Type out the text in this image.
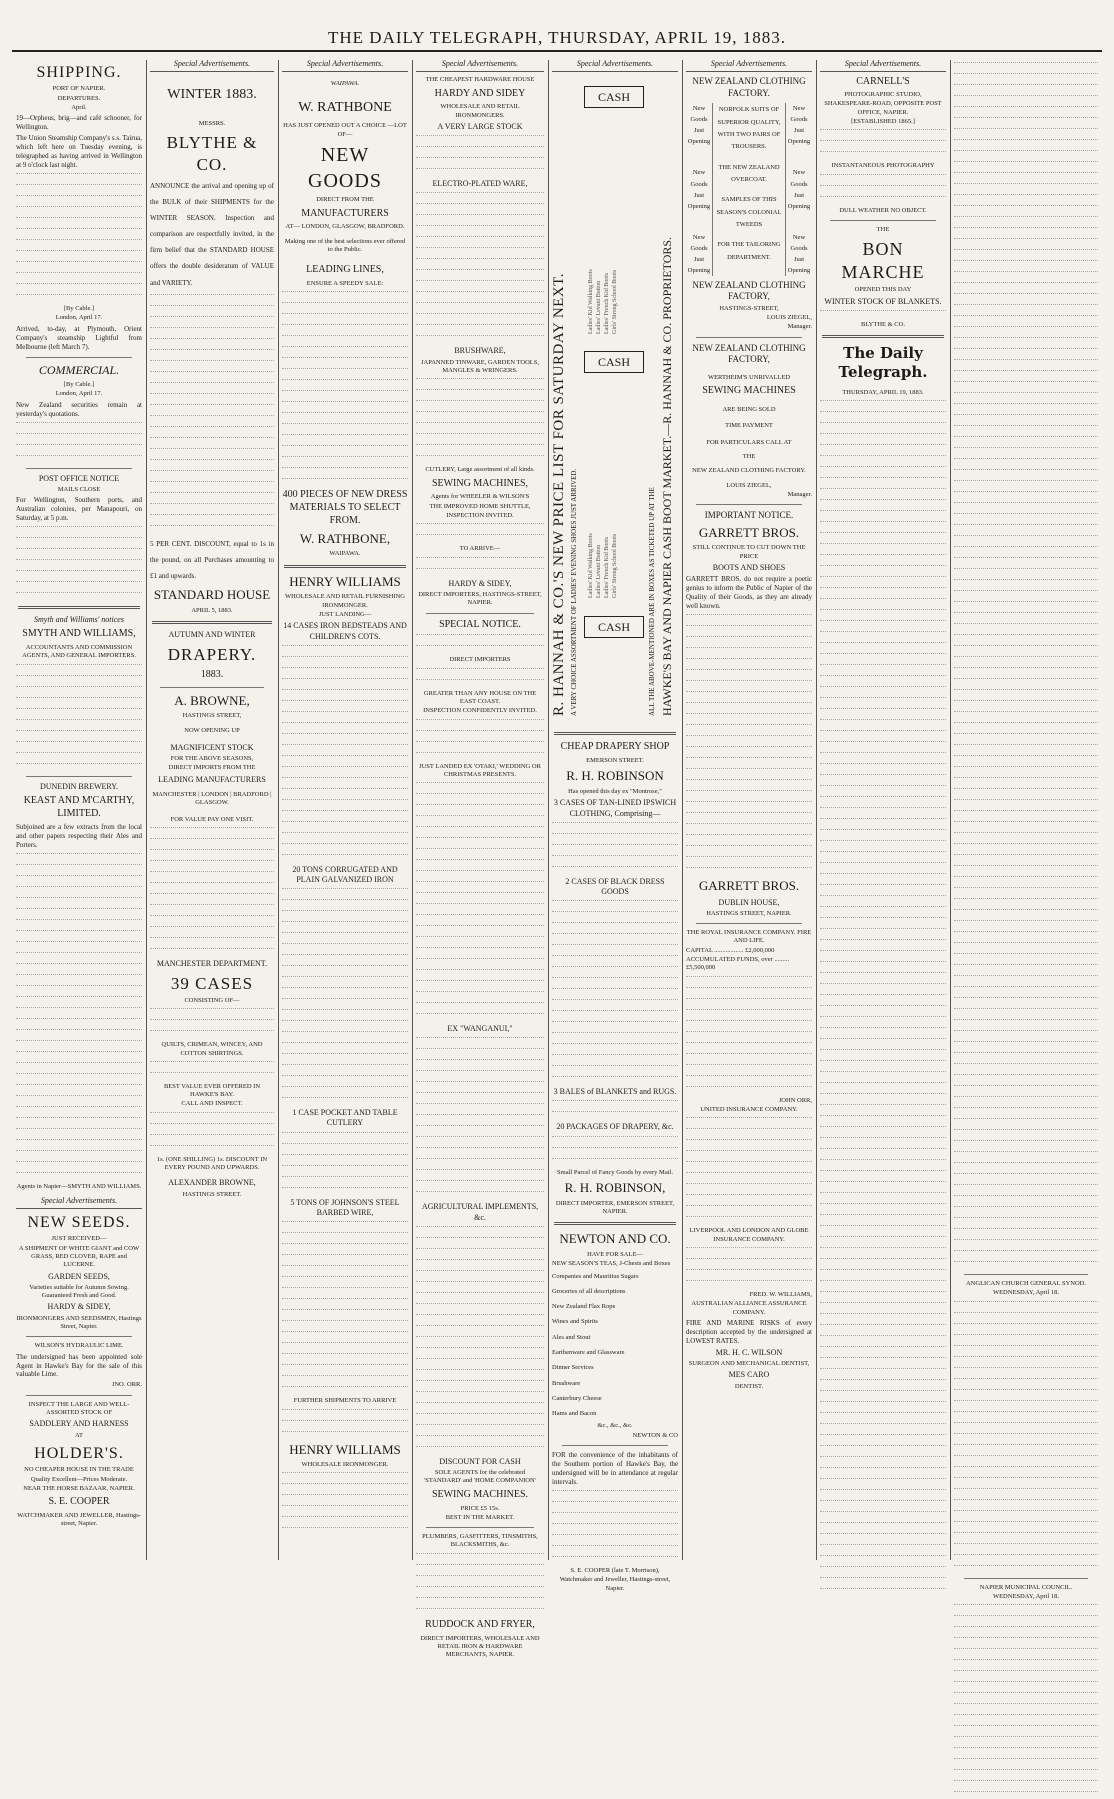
THE DAILY TELEGRAPH, THURSDAY, APRIL 19, 1883.
SHIPPING.
PORT OF NAPIER.
DEPARTURES.
April.
19—Orpheus, brig—and café schooner, for Wellington.
The Union Steamship Company's s.s. Tairua, which left here on Tuesday evening, is telegraphed as having arrived in Wellington at 9 o'clock last night.
[By Cable.]
London, April 17.
Arrived, to-day, at Plymouth, Orient Company's steamship Lightful from Melbourne (left March 7).
COMMERCIAL.
[By Cable.]
London, April 17.
New Zealand securities remain at yesterday's quotations.
POST OFFICE NOTICE
MAILS CLOSE
For Wellington, Southern ports, and Australian colonies, per Manapouri, on Saturday, at 5 p.m.
Smyth and Williams' notices
SMYTH AND WILLIAMS,
ACCOUNTANTS AND COMMISSION AGENTS, AND GENERAL IMPORTERS.
DUNEDIN BREWERY.
KEAST AND M'CARTHY, LIMITED.
Subjoined are a few extracts from the local and other papers respecting their Ales and Porters.
Agents in Napier—SMYTH AND WILLIAMS.
Special Advertisements.
NEW SEEDS.
JUST RECEIVED—
A SHIPMENT OF WHITE GIANT and COW GRASS, RED CLOVER, RAPE and LUCERNE.
GARDEN SEEDS,
Varieties suitable for Autumn Sowing. Guaranteed Fresh and Good.
HARDY & SIDEY,
IRONMONGERS AND SEEDSMEN, Hastings Street, Napier.
WILSON'S HYDRAULIC LIME.
The undersigned has been appointed sole Agent in Hawke's Bay for the sale of this valuable Lime.
JNO. ORR.
INSPECT THE LARGE AND WELL-ASSORTED STOCK OF
SADDLERY AND HARNESS
AT
HOLDER'S.
NO CHEAPER HOUSE IN THE TRADE
Quality Excellent—Prices Moderate.
NEAR THE HORSE BAZAAR, NAPIER.
S. E. COOPER
WATCHMAKER AND JEWELLER, Hastings-street, Napier.
Special Advertisements.
WINTER 1883.
MESSRS.
BLYTHE & CO.
ANNOUNCE the arrival and opening up of the BULK of their SHIPMENTS for the WINTER SEASON. Inspection and comparison are respectfully invited, in the firm belief that the STANDARD HOUSE offers the double desideratum of VALUE and VARIETY.
5 PER CENT. DISCOUNT, equal to 1s in the pound, on all Purchases amounting to £1 and upwards.
STANDARD HOUSE
APRIL 5, 1883.
AUTUMN AND WINTER
DRAPERY.
1883.
A. BROWNE,
HASTINGS STREET,
NOW OPENING UP
MAGNIFICENT STOCK
FOR THE ABOVE SEASONS,
DIRECT IMPORTS FROM THE
LEADING MANUFACTURERS
MANCHESTER | LONDON | BRADFORD | GLASGOW.
FOR VALUE PAY ONE VISIT.
MANCHESTER DEPARTMENT.
39 CASES
CONSISTING OF—
QUILTS, CRIMEAN, WINCEY, AND COTTON SHIRTINGS.
BEST VALUE EVER OFFERED IN HAWKE'S BAY.
CALL AND INSPECT.
1s. (ONE SHILLING) 1s. DISCOUNT IN EVERY POUND AND UPWARDS.
ALEXANDER BROWNE,
HASTINGS STREET.
Special Advertisements.
WAIPAWA.
W. RATHBONE
HAS JUST OPENED OUT A CHOICE —LOT OF—
NEW GOODS
DIRECT FROM THE
MANUFACTURERS
AT— LONDON, GLASGOW, BRADFORD.
Making one of the best selections ever offered to the Public.
LEADING LINES,
ENSURE A SPEEDY SALE:
400 PIECES OF NEW DRESS MATERIALS TO SELECT FROM.
W. RATHBONE,
WAIPAWA.
HENRY WILLIAMS
WHOLESALE AND RETAIL FURNISHING IRONMONGER.
JUST LANDING—
14 CASES IRON BEDSTEADS AND CHILDREN'S COTS.
20 TONS CORRUGATED AND PLAIN GALVANIZED IRON
1 CASE POCKET AND TABLE CUTLERY
5 TONS OF JOHNSON'S STEEL BARBED WIRE,
FURTHER SHIPMENTS TO ARRIVE
HENRY WILLIAMS
WHOLESALE IRONMONGER.
Special Advertisements.
THE CHEAPEST HARDWARE HOUSE
HARDY AND SIDEY
WHOLESALE AND RETAIL IRONMONGERS.
A VERY LARGE STOCK
ELECTRO-PLATED WARE,
BRUSHWARE,
JAPANNED TINWARE, GARDEN TOOLS, MANGLES & WRINGERS.
CUTLERY, Large assortment of all kinds.
SEWING MACHINES,
Agents for WHEELER & WILSON'S
THE IMPROVED HOME SHUTTLE,
INSPECTION INVITED.
TO ARRIVE—
HARDY & SIDEY,
DIRECT IMPORTERS, HASTINGS-STREET, NAPIER.
SPECIAL NOTICE.
DIRECT IMPORTERS
GREATER THAN ANY HOUSE ON THE EAST COAST.
INSPECTION CONFIDENTLY INVITED.
JUST LANDED EX 'OTAKI,' WEDDING OR CHRISTMAS PRESENTS.
EX "WANGANUI,"
AGRICULTURAL IMPLEMENTS, &c.
DISCOUNT FOR CASH
SOLE AGENTS for the celebrated 'STANDARD' and 'HOME COMPANION'
SEWING MACHINES.
PRICE £5 15s.
BEST IN THE MARKET.
PLUMBERS, GASFITTERS, TINSMITHS, BLACKSMITHS, &c.
RUDDOCK AND FRYER,
DIRECT IMPORTERS, WHOLESALE AND RETAIL IRON & HARDWARE MERCHANTS, NAPIER.
Special Advertisements.
CASH
CASH
CASH
R. HANNAH & CO.'S NEW PRICE LIST FOR SATURDAY NEXT. A VERY CHOICE ASSORTMENT OF LADIES' EVENING SHOES JUST ARRIVED.
Ladies' Kid Walking Boots Ladies' Levant Button Ladies' French Kid Boots Girls' Strong School Boots
Ladies' Kid Walking Boots Ladies' Levant Button Ladies' French Kid Boots Girls' Strong School Boots	ALL THE ABOVE-MENTIONED ARE IN BOXES AS TICKETED UP AT THE HAWKE'S BAY AND NAPIER CASH BOOT MARKET.—R. HANNAH & CO. PROPRIETORS.
CHEAP DRAPERY SHOP
EMERSON STREET.
R. H. ROBINSON
Has opened this day ex "Montrose,"
3 CASES OF TAN-LINED IPSWICH CLOTHING, Comprising—
2 CASES OF BLACK DRESS GOODS
3 BALES of BLANKETS and RUGS.
20 PACKAGES OF DRAPERY, &c.
Small Parcel of Fancy Goods by every Mail.
R. H. ROBINSON,
DIRECT IMPORTER, EMERSON STREET, NAPIER.
NEWTON AND CO.
HAVE FOR SALE—
NEW SEASON'S TEAS, J-Chests and Boxes
Companies and Mauritius Sugars
Groceries of all descriptions
New Zealand Flax Rope
Wines and Spirits
Ales and Stout
Earthenware and Glassware
Dinner Services
Brushware
Canterbury Cheese
Hams and Bacon
&c., &c., &c.
NEWTON & CO
FOR the convenience of the inhabitants of the Southern portion of Hawke's Bay, the undersigned will be in attendance at regular intervals.
S. E. COOPER (late T. Morrison),
Watchmaker and Jeweller, Hastings-street, Napier.
Special Advertisements.
NEW ZEALAND CLOTHING FACTORY.
New
Goods
Just
Opening
New
Goods
Just
Opening
New
Goods
Just
Opening
NORFOLK SUITS OF SUPERIOR QUALITY, WITH TWO PAIRS OF TROUSERS.
THE NEW ZEALAND OVERCOAT.
SAMPLES OF THIS SEASON'S COLONIAL TWEEDS
FOR THE TAILORING DEPARTMENT.
New
Goods
Just
Opening
New
Goods
Just
Opening
New
Goods
Just
Opening
NEW ZEALAND CLOTHING FACTORY,
HASTINGS-STREET,
LOUIS ZIEGEL,
Manager.
NEW ZEALAND CLOTHING FACTORY,
WERTHEIM'S UNRIVALLED
SEWING MACHINES
ARE BEING SOLD
TIME PAYMENT
FOR PARTICULARS CALL AT
THE
NEW ZEALAND CLOTHING FACTORY.
LOUIS ZIEGEL,
Manager.
IMPORTANT NOTICE.
GARRETT BROS.
STILL CONTINUE TO CUT DOWN THE PRICE
BOOTS AND SHOES
GARRETT BROS. do not require a poetic genius to inform the Public of Napier of the Quality of their Goods, as they are already well known.
GARRETT BROS.
DUBLIN HOUSE,
HASTINGS STREET, NAPIER.
THE ROYAL INSURANCE COMPANY. FIRE AND LIFE.
CAPITAL .................. £2,000,000
ACCUMULATED FUNDS, over ......... £5,500,000
JOHN ORR,
UNITED INSURANCE COMPANY.
LIVERPOOL AND LONDON AND GLOBE INSURANCE COMPANY.
FRED. W. WILLIAMS,
AUSTRALIAN ALLIANCE ASSURANCE COMPANY.
FIRE AND MARINE RISKS of every description accepted by the undersigned at LOWEST RATES.
MR. H. C. WILSON
SURGEON AND MECHANICAL DENTIST,
MES CARO
DENTIST.
Special Advertisements.
CARNELL'S
PHOTOGRAPHIC STUDIO,
SHAKESPEARE-ROAD, OPPOSITE POST OFFICE, NAPIER.
[ESTABLISHED 1865.]
INSTANTANEOUS PHOTOGRAPHY
DULL WEATHER NO OBJECT.
THE
BON MARCHE
OPENED THIS DAY
WINTER STOCK OF BLANKETS.
BLYTHE & CO.
The Daily Telegraph.
THURSDAY, APRIL 19, 1883.
ANGLICAN CHURCH GENERAL SYNOD.
WEDNESDAY, April 18.
NAPIER MUNICIPAL COUNCIL.
WEDNESDAY, April 18.
